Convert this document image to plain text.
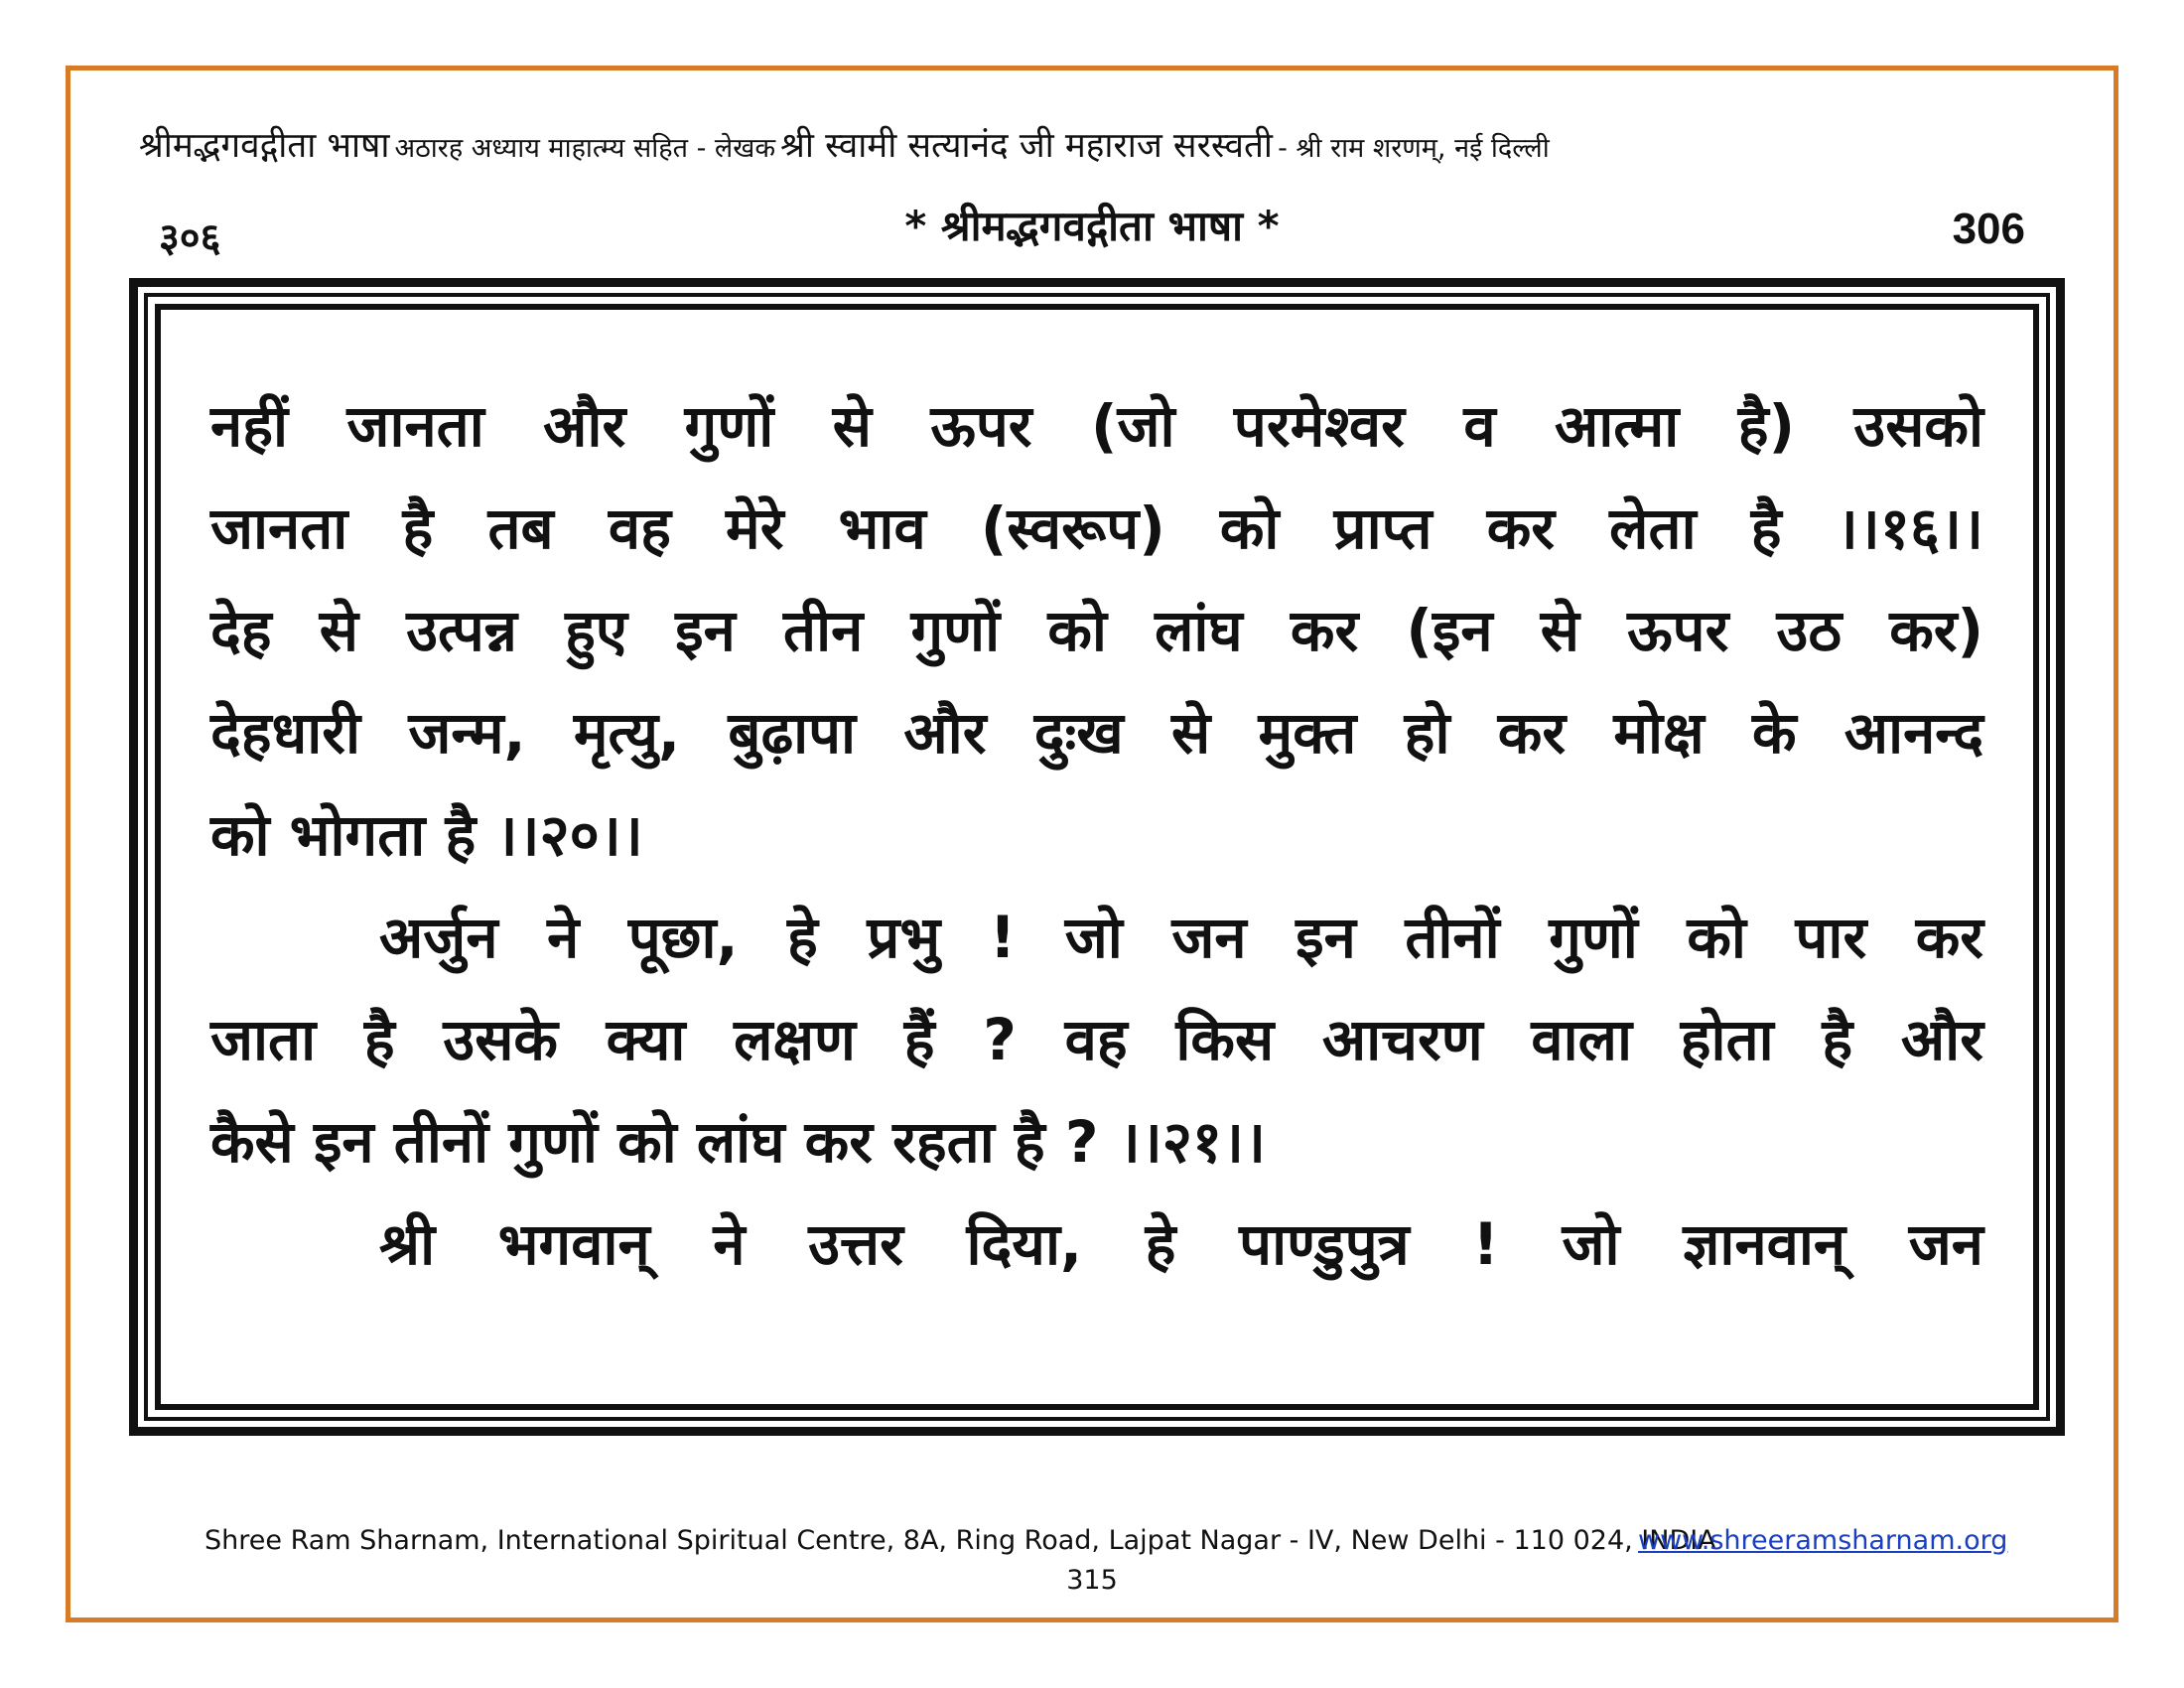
श्रीमद्भगवद्गीता भाषा अठारह अध्याय माहात्म्य सहित - लेखक श्री स्वामी सत्यानंद जी महाराज सरस्वती - श्री राम शरणम्, नई दिल्ली
३०६	* श्रीमद्भगवद्गीता भाषा *	306
नहीं जानता और गुणों से ऊपर (जो परमेश्वर व आत्मा है) उसको
जानता है तब वह मेरे भाव (स्वरूप) को प्राप्त कर लेता है ।।१६।।
देह से उत्पन्न हुए इन तीन गुणों को लांघ कर (इन से ऊपर उठ कर)
देहधारी जन्म, मृत्यु, बुढ़ापा और दुःख से मुक्त हो कर मोक्ष के आनन्द
को भोगता है ।।२०।।
अर्जुन ने पूछा, हे प्रभु ! जो जन इन तीनों गुणों को पार कर
जाता है उसके क्या लक्षण हैं ? वह किस आचरण वाला होता है और
कैसे इन तीनों गुणों को लांघ कर रहता है ? ।।२१।।
श्री भगवान् ने उत्तर दिया, हे पाण्डुपुत्र ! जो ज्ञानवान् जन
Shree Ram Sharnam, International Spiritual Centre, 8A, Ring Road, Lajpat Nagar - IV, New Delhi - 110 024, INDIA
www.shreeramsharnam.org
315
